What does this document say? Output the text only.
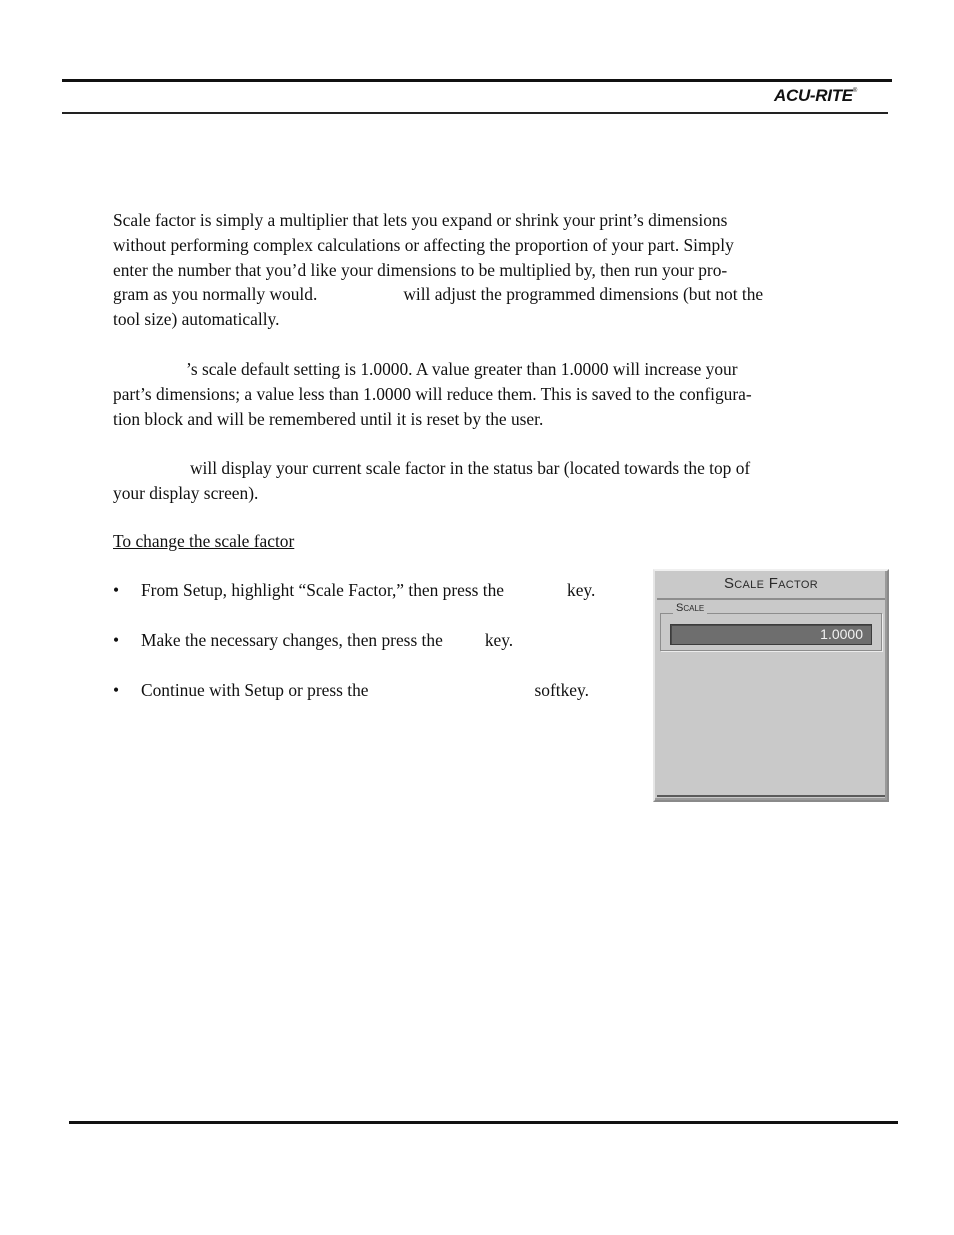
ACU-RITE®

Scale factor is simply a multiplier that lets you expand or shrink your print’s dimensions
without performing complex calculations or affecting the proportion of your part. Simply
enter the number that you’d like your dimensions to be multiplied by, then run your pro-
gram as you normally would.	will adjust the programmed dimensions (but not the
tool size) automatically.

’s scale default setting is 1.0000. A value greater than 1.0000 will increase your
part’s dimensions; a value less than 1.0000 will reduce them. This is saved to the configura-
tion block and will be remembered until it is reset by the user.

will display your current scale factor in the status bar (located towards the top of
your display screen).

To change the scale factor

• From Setup, highlight “Scale Factor,” then press the	key.
• Make the necessary changes, then press the key.
• Continue with Setup or press the	softkey.
Scale Factor
Scale
1.0000
